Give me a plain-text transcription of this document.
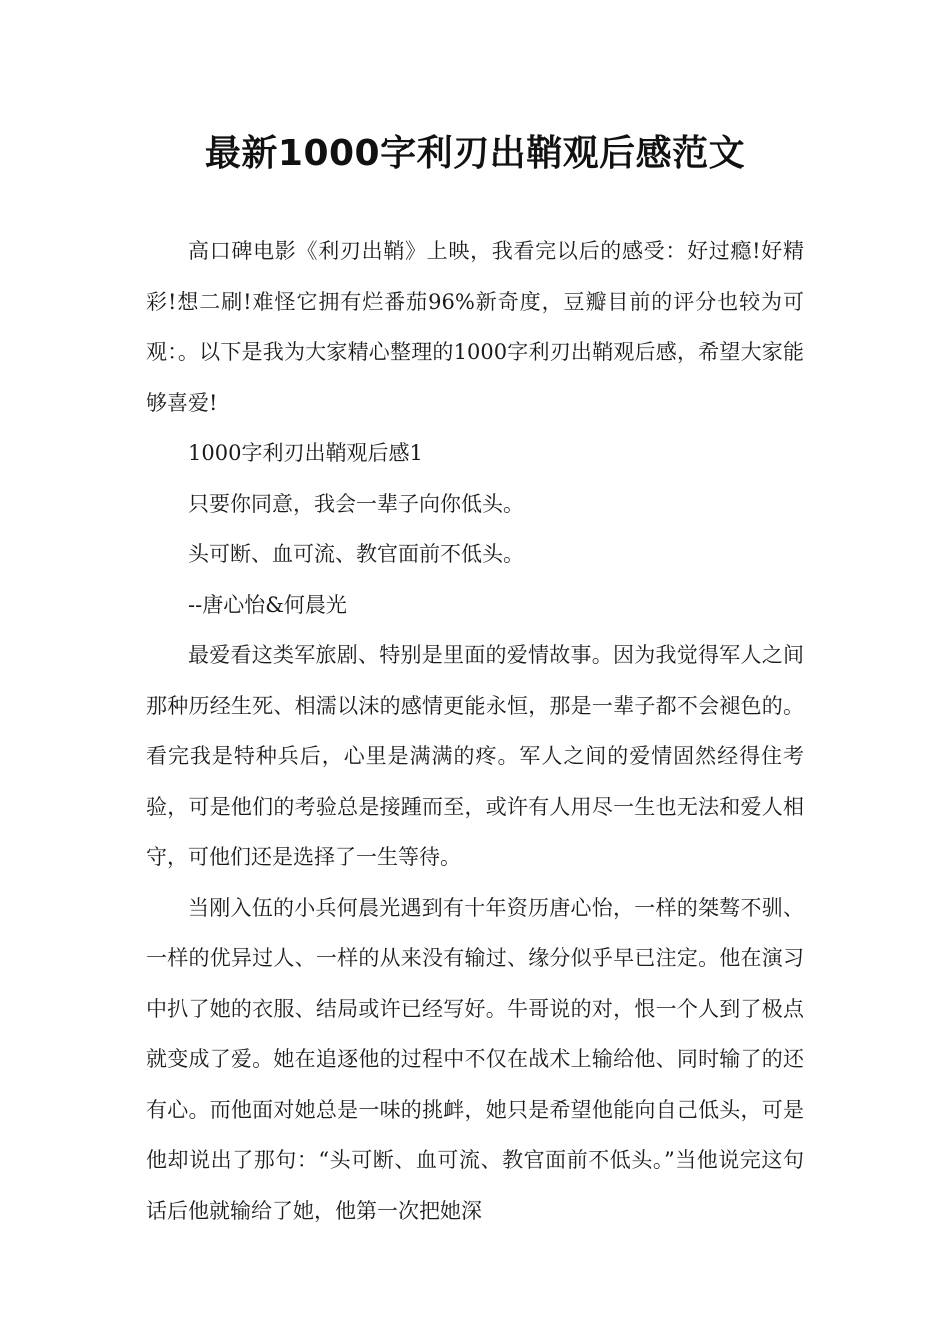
最新1000字利刃出鞘观后感范文

高口碑电影《利刃出鞘》上映，我看完以后的感受：好过瘾!好精彩!想二刷!难怪它拥有烂番茄96%新奇度，豆瓣目前的评分也较为可观：。以下是我为大家精心整理的1000字利刃出鞘观后感，希望大家能够喜爱!

1000字利刃出鞘观后感1

只要你同意，我会一辈子向你低头。

头可断、血可流、教官面前不低头。

--唐心怡&何晨光

最爱看这类军旅剧、特别是里面的爱情故事。因为我觉得军人之间那种历经生死、相濡以沫的感情更能永恒，那是一辈子都不会褪色的。看完我是特种兵后，心里是满满的疼。军人之间的爱情固然经得住考验，可是他们的考验总是接踵而至，或许有人用尽一生也无法和爱人相守，可他们还是选择了一生等待。

当刚入伍的小兵何晨光遇到有十年资历唐心怡，一样的桀骜不驯、一样的优异过人、一样的从来没有输过、缘分似乎早已注定。他在演习中扒了她的衣服、结局或许已经写好。牛哥说的对，恨一个人到了极点就变成了爱。她在追逐他的过程中不仅在战术上输给他、同时输了的还有心。而他面对她总是一味的挑衅，她只是希望他能向自己低头，可是他却说出了那句：“头可断、血可流、教官面前不低头。”当他说完这句话后他就输给了她，他第一次把她深
